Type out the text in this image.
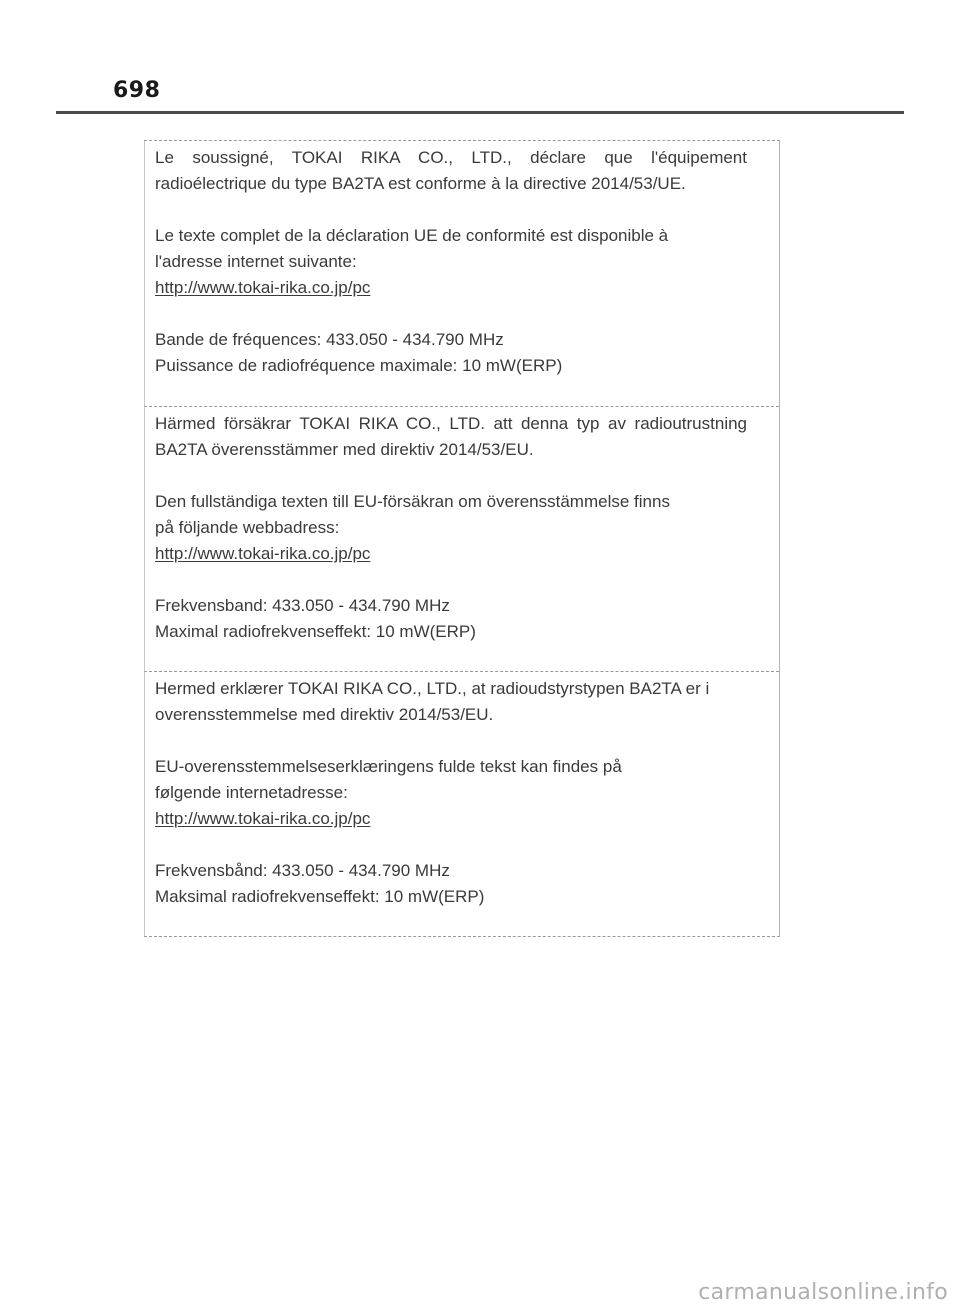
698

Le soussigné, TOKAI RIKA CO., LTD., déclare que l'équipement radioélectrique du type BA2TA est conforme à la directive 2014/53/UE.

Le texte complet de la déclaration UE de conformité est disponible à

l'adresse internet suivante:

http://www.tokai-rika.co.jp/pc

Bande de fréquences: 433.050 - 434.790 MHz

Puissance de radiofréquence maximale: 10 mW(ERP)

Härmed försäkrar TOKAI RIKA CO., LTD. att denna typ av radioutrustning BA2TA överensstämmer med direktiv 2014/53/EU.

Den fullständiga texten till EU-försäkran om överensstämmelse finns

på följande webbadress:

http://www.tokai-rika.co.jp/pc

Frekvensband: 433.050 - 434.790 MHz

Maximal radiofrekvenseffekt: 10 mW(ERP)

Hermed erklærer TOKAI RIKA CO., LTD., at radioudstyrstypen BA2TA er i overensstemmelse med direktiv 2014/53/EU.

EU-overensstemmelseserklæringens fulde tekst kan findes på

følgende internetadresse:

http://www.tokai-rika.co.jp/pc

Frekvensbånd: 433.050 - 434.790 MHz

Maksimal radiofrekvenseffekt: 10 mW(ERP)

carmanualsonline.info
